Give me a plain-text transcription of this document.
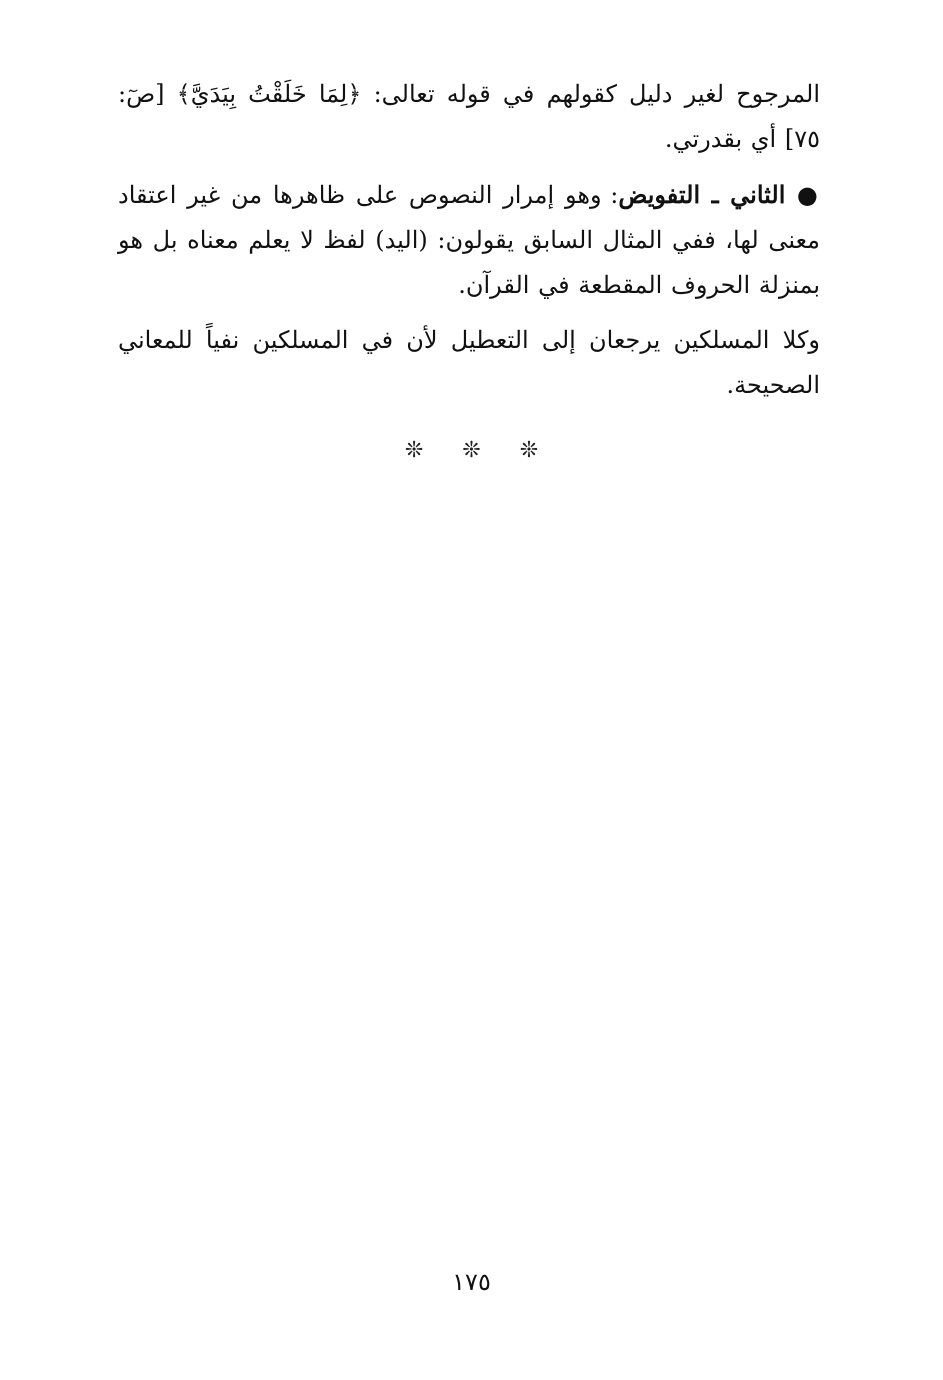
المرجوح لغير دليل كقولهم في قوله تعالى: ﴿لِمَا خَلَقْتُ بِيَدَيَّ﴾ [صٓ: ٧٥] أي بقدرتي.

● الثاني ـ التفويض: وهو إمرار النصوص على ظاهرها من غير اعتقاد معنى لها، ففي المثال السابق يقولون: (اليد) لفظ لا يعلم معناه بل هو بمنزلة الحروف المقطعة في القرآن.

وكلا المسلكين يرجعان إلى التعطيل لأن في المسلكين نفياً للمعاني الصحيحة.

❊ ❊ ❊
١٧٥
